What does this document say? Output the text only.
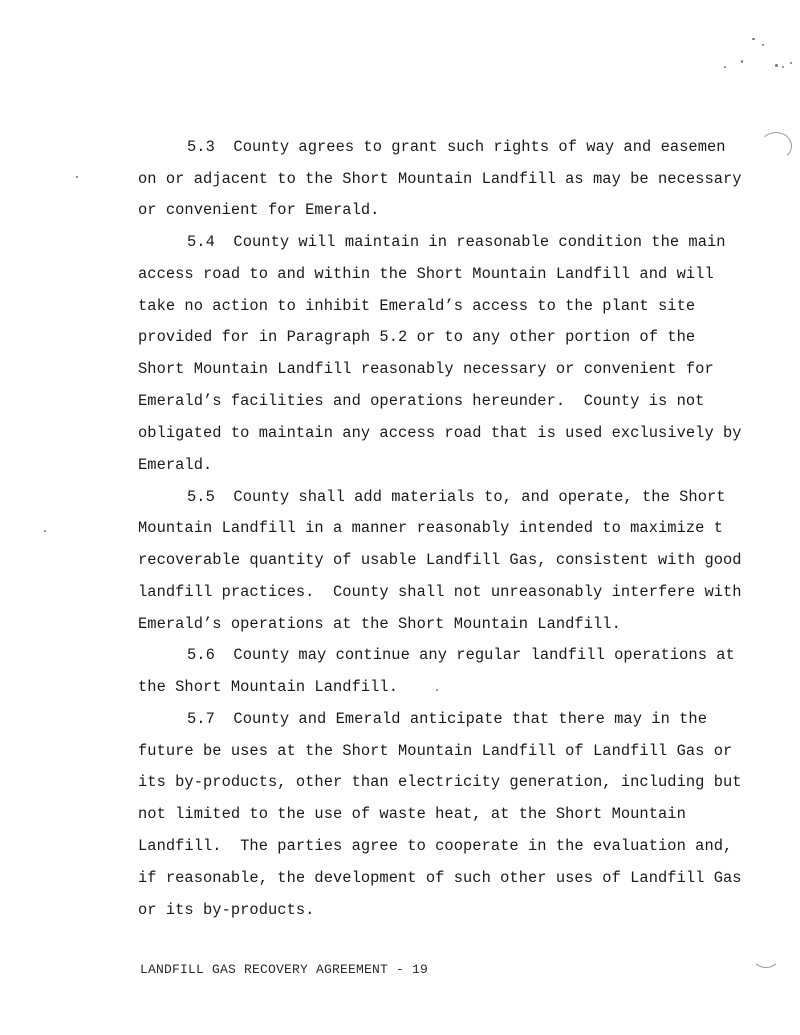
5.3  County agrees to grant such rights of way and easemen
on or adjacent to the Short Mountain Landfill as may be necessary
or convenient for Emerald.
5.4  County will maintain in reasonable condition the main
access road to and within the Short Mountain Landfill and will
take no action to inhibit Emerald’s access to the plant site
provided for in Paragraph 5.2 or to any other portion of the
Short Mountain Landfill reasonably necessary or convenient for
Emerald’s facilities and operations hereunder.  County is not
obligated to maintain any access road that is used exclusively by
Emerald.
5.5  County shall add materials to, and operate, the Short
Mountain Landfill in a manner reasonably intended to maximize t
recoverable quantity of usable Landfill Gas, consistent with good
landfill practices.  County shall not unreasonably interfere with
Emerald’s operations at the Short Mountain Landfill.
5.6  County may continue any regular landfill operations at
the Short Mountain Landfill.
5.7  County and Emerald anticipate that there may in the
future be uses at the Short Mountain Landfill of Landfill Gas or
its by-products, other than electricity generation, including but
not limited to the use of waste heat, at the Short Mountain
Landfill.  The parties agree to cooperate in the evaluation and,
if reasonable, the development of such other uses of Landfill Gas
or its by-products.
LANDFILL GAS RECOVERY AGREEMENT - 19
